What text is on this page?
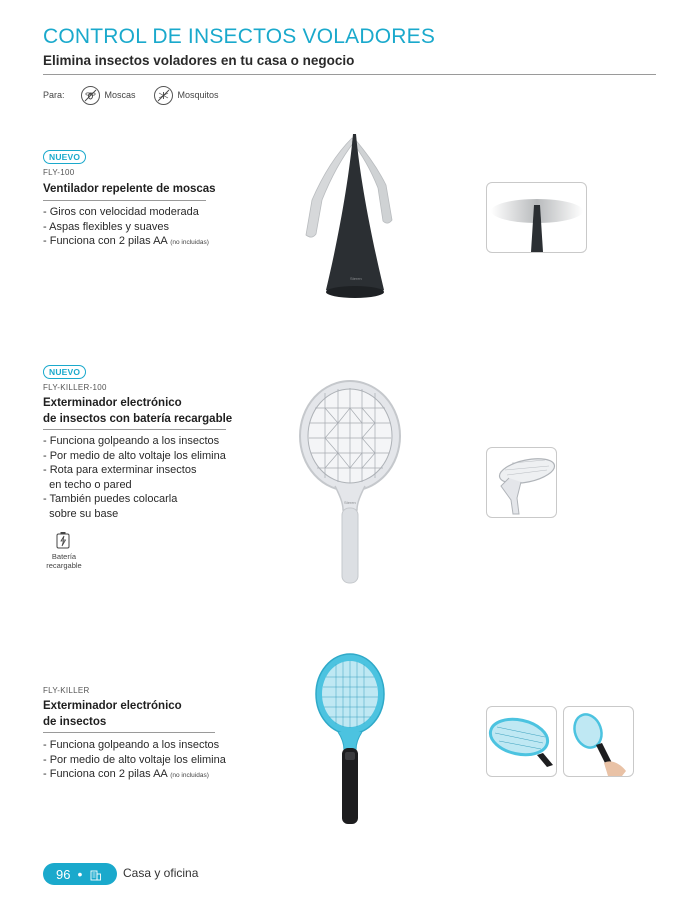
CONTROL DE INSECTOS VOLADORES
Elimina insectos voladores en tu casa o negocio
Para:	Moscas	Mosquitos
NUEVO
FLY-100
Ventilador repelente de moscas
- Giros con velocidad moderada
- Aspas flexibles y suaves
- Funciona con 2 pilas AA (no incluidas)
Steren
NUEVO
FLY-KILLER-100
Exterminador electrónico
de insectos con batería recargable
- Funciona golpeando a los insectos
- Por medio de alto voltaje los elimina
- Rota para exterminar insectos
en techo o pared
- También puedes colocarla
sobre su base
Batería
recargable
Steren
FLY-KILLER
Exterminador electrónico
de insectos
- Funciona golpeando a los insectos
- Por medio de alto voltaje los elimina
- Funciona con 2 pilas AA (no incluidas)
96 •	Casa y oficina
